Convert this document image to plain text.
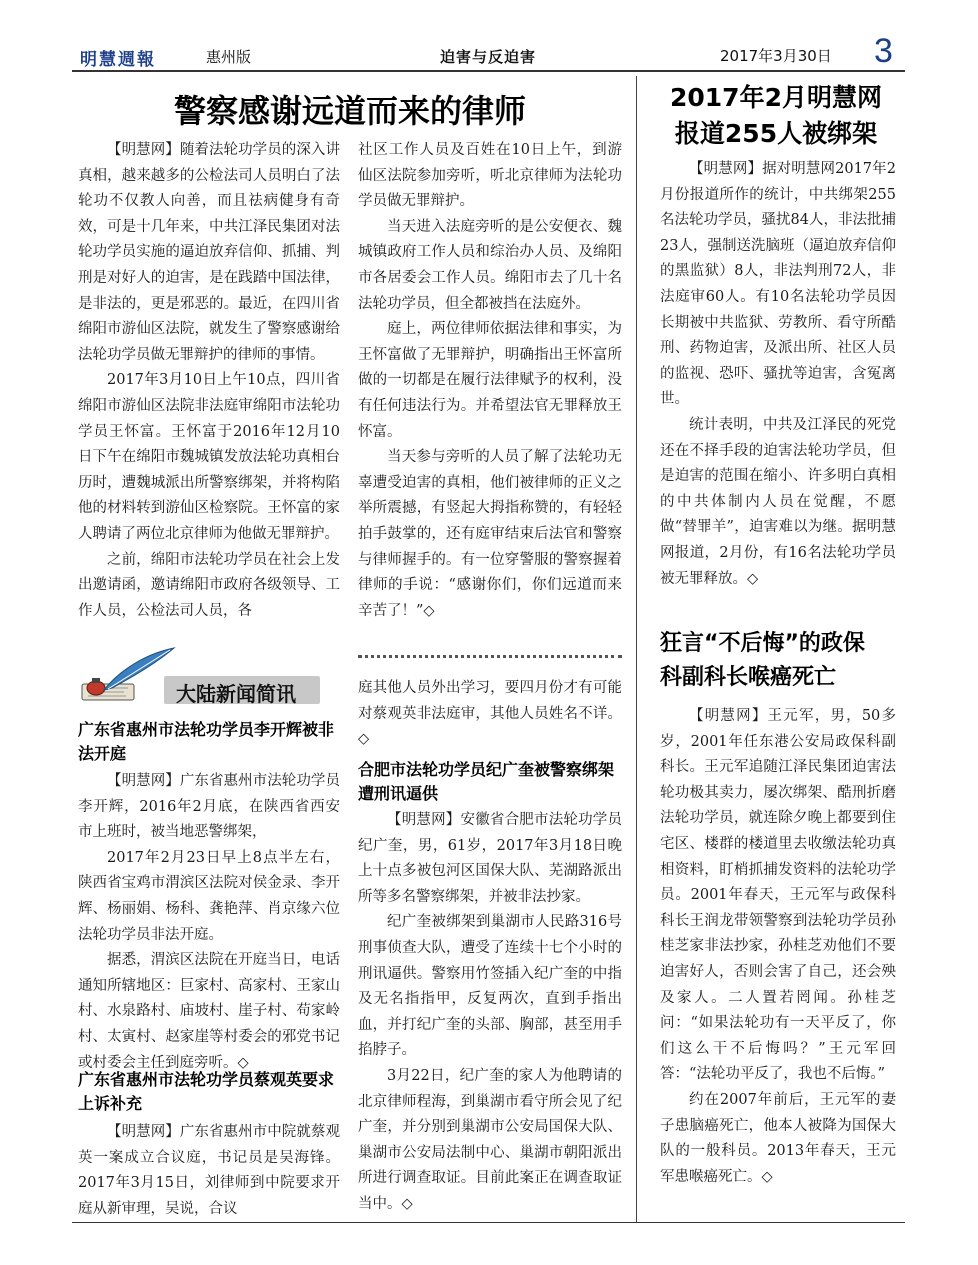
明慧週報	惠州版	迫害与反迫害	2017年3月30日 3
警察感谢远道而来的律师

【明慧网】随着法轮功学员的深入讲真相，越来越多的公检法司人员明白了法轮功不仅教人向善，而且祛病健身有奇效，可是十几年来，中共江泽民集团对法轮功学员实施的逼迫放弃信仰、抓捕、判刑是对好人的迫害，是在践踏中国法律，是非法的，更是邪恶的。最近，在四川省绵阳市游仙区法院，就发生了警察感谢给法轮功学员做无罪辩护的律师的事情。

2017年3月10日上午10点，四川省绵阳市游仙区法院非法庭审绵阳市法轮功学员王怀富。王怀富于2016年12月10日下午在绵阳市魏城镇发放法轮功真相台历时，遭魏城派出所警察绑架，并将构陷他的材料转到游仙区检察院。王怀富的家人聘请了两位北京律师为他做无罪辩护。

之前，绵阳市法轮功学员在社会上发出邀请函，邀请绵阳市政府各级领导、工作人员，公检法司人员，各

社区工作人员及百姓在10日上午，到游仙区法院参加旁听，听北京律师为法轮功学员做无罪辩护。

当天进入法庭旁听的是公安便衣、魏城镇政府工作人员和综治办人员、及绵阳市各居委会工作人员。绵阳市去了几十名法轮功学员，但全都被挡在法庭外。

庭上，两位律师依据法律和事实，为王怀富做了无罪辩护，明确指出王怀富所做的一切都是在履行法律赋予的权利，没有任何违法行为。并希望法官无罪释放王怀富。

当天参与旁听的人员了解了法轮功无辜遭受迫害的真相，他们被律师的正义之举所震撼，有竖起大拇指称赞的，有轻轻拍手鼓掌的，还有庭审结束后法官和警察与律师握手的。有一位穿警服的警察握着律师的手说：“感谢你们，你们远道而来辛苦了！”◇

大陆新闻简讯
广东省惠州市法轮功学员李开辉被非法开庭

【明慧网】广东省惠州市法轮功学员李开辉，2016年2月底，在陕西省西安市上班时，被当地恶警绑架，

2017年2月23日早上8点半左右，陕西省宝鸡市渭滨区法院对侯金录、李开辉、杨丽娟、杨科、龚艳萍、肖京缘六位法轮功学员非法开庭。

据悉，渭滨区法院在开庭当日，电话通知所辖地区：巨家村、高家村、王家山村、水泉路村、庙坡村、崖子村、苟家岭村、太寅村、赵家崖等村委会的邪党书记或村委会主任到庭旁听。◇

广东省惠州市法轮功学员蔡观英要求上诉补充

【明慧网】广东省惠州市中院就蔡观英一案成立合议庭，书记员是吴海锋。2017年3月15日，刘律师到中院要求开庭从新审理，吴说，合议

庭其他人员外出学习，要四月份才有可能对蔡观英非法庭审，其他人员姓名不详。◇

合肥市法轮功学员纪广奎被警察绑架 遭刑讯逼供

【明慧网】安徽省合肥市法轮功学员纪广奎，男，61岁，2017年3月18日晚上十点多被包河区国保大队、芜湖路派出所等多名警察绑架，并被非法抄家。

纪广奎被绑架到巢湖市人民路316号刑事侦查大队，遭受了连续十七个小时的刑讯逼供。警察用竹签插入纪广奎的中指及无名指指甲，反复两次，直到手指出血，并打纪广奎的头部、胸部，甚至用手掐脖子。

3月22日，纪广奎的家人为他聘请的北京律师程海，到巢湖市看守所会见了纪广奎，并分别到巢湖市公安局国保大队、巢湖市公安局法制中心、巢湖市朝阳派出所进行调查取证。目前此案正在调查取证当中。◇

2017年2月明慧网
报道255人被绑架

【明慧网】据对明慧网2017年2月份报道所作的统计，中共绑架255名法轮功学员，骚扰84人，非法批捕23人，强制送洗脑班（逼迫放弃信仰的黑监狱）8人，非法判刑72人，非法庭审60人。有10名法轮功学员因长期被中共监狱、劳教所、看守所酷刑、药物迫害，及派出所、社区人员的监视、恐吓、骚扰等迫害，含冤离世。

统计表明，中共及江泽民的死党还在不择手段的迫害法轮功学员，但是迫害的范围在缩小、许多明白真相的中共体制内人员在觉醒，不愿做“替罪羊”，迫害难以为继。据明慧网报道，2月份，有16名法轮功学员被无罪释放。◇

狂言“不后悔”的政保
科副科长喉癌死亡

【明慧网】王元军，男，50多岁，2001年任东港公安局政保科副科长。王元军追随江泽民集团迫害法轮功极其卖力，屡次绑架、酷刑折磨法轮功学员，就连除夕晚上都要到住宅区、楼群的楼道里去收缴法轮功真相资料，盯梢抓捕发资料的法轮功学员。2001年春天，王元军与政保科科长王润龙带领警察到法轮功学员孙桂芝家非法抄家，孙桂芝劝他们不要迫害好人，否则会害了自己，还会殃及家人。二人置若罔闻。孙桂芝问：“如果法轮功有一天平反了，你们这么干不后悔吗？”王元军回答：“法轮功平反了，我也不后悔。”

约在2007年前后，王元军的妻子患脑癌死亡，他本人被降为国保大队的一般科员。2013年春天，王元军患喉癌死亡。◇
